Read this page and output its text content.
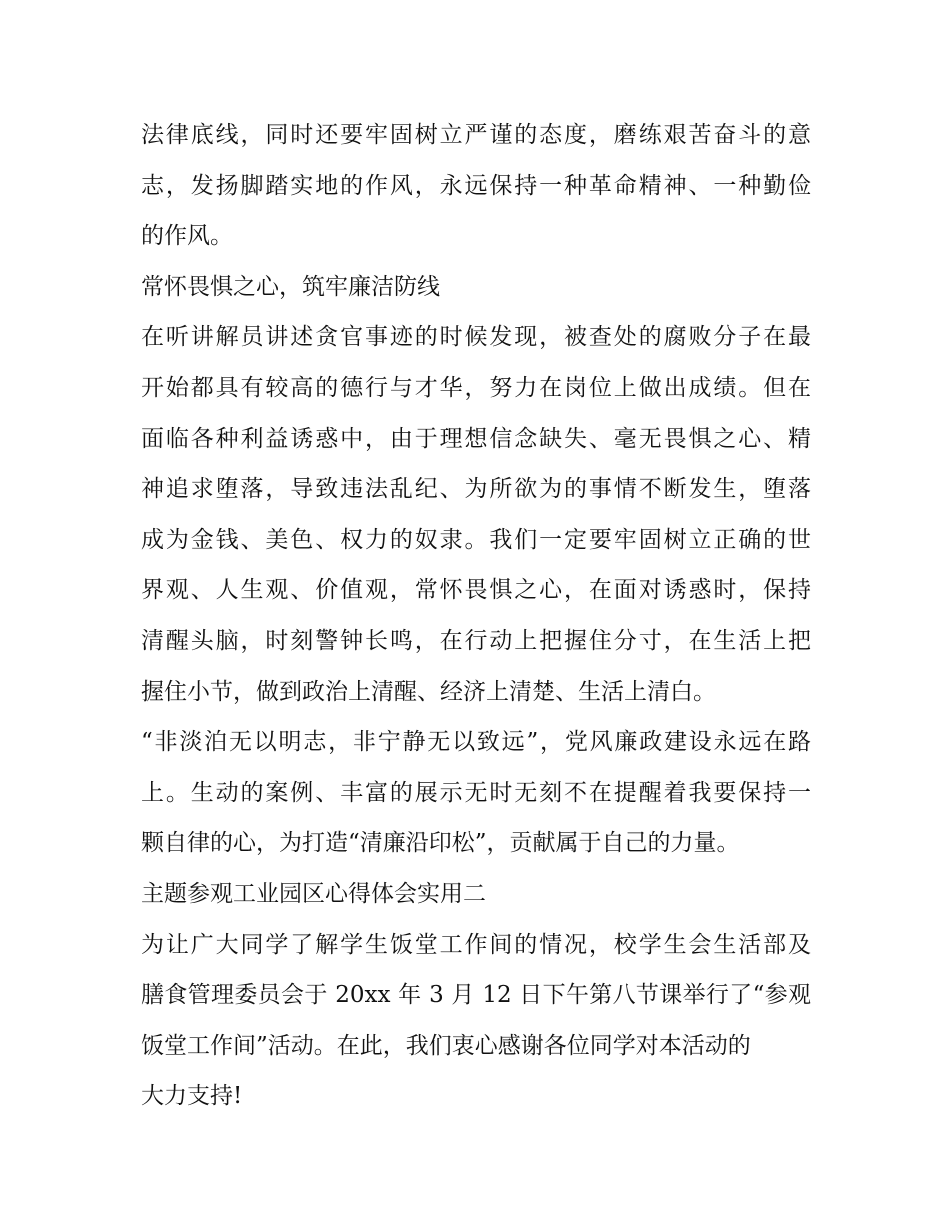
法律底线，同时还要牢固树立严谨的态度，磨练艰苦奋斗的意
志，发扬脚踏实地的作风，永远保持一种革命精神、一种勤俭
的作风。
常怀畏惧之心，筑牢廉洁防线
在听讲解员讲述贪官事迹的时候发现，被查处的腐败分子在最
开始都具有较高的德行与才华，努力在岗位上做出成绩。但在
面临各种利益诱惑中，由于理想信念缺失、毫无畏惧之心、精
神追求堕落，导致违法乱纪、为所欲为的事情不断发生，堕落
成为金钱、美色、权力的奴隶。我们一定要牢固树立正确的世
界观、人生观、价值观，常怀畏惧之心，在面对诱惑时，保持
清醒头脑，时刻警钟长鸣，在行动上把握住分寸，在生活上把
握住小节，做到政治上清醒、经济上清楚、生活上清白。
“非淡泊无以明志，非宁静无以致远”，党风廉政建设永远在路
上。生动的案例、丰富的展示无时无刻不在提醒着我要保持一
颗自律的心，为打造“清廉沿印松”，贡献属于自己的力量。
主题参观工业园区心得体会实用二
为让广大同学了解学生饭堂工作间的情况，校学生会生活部及
膳食管理委员会于 20xx 年 3 月 12 日下午第八节课举行了“参观
饭堂工作间”活动。在此，我们衷心感谢各位同学对本活动的
大力支持!
